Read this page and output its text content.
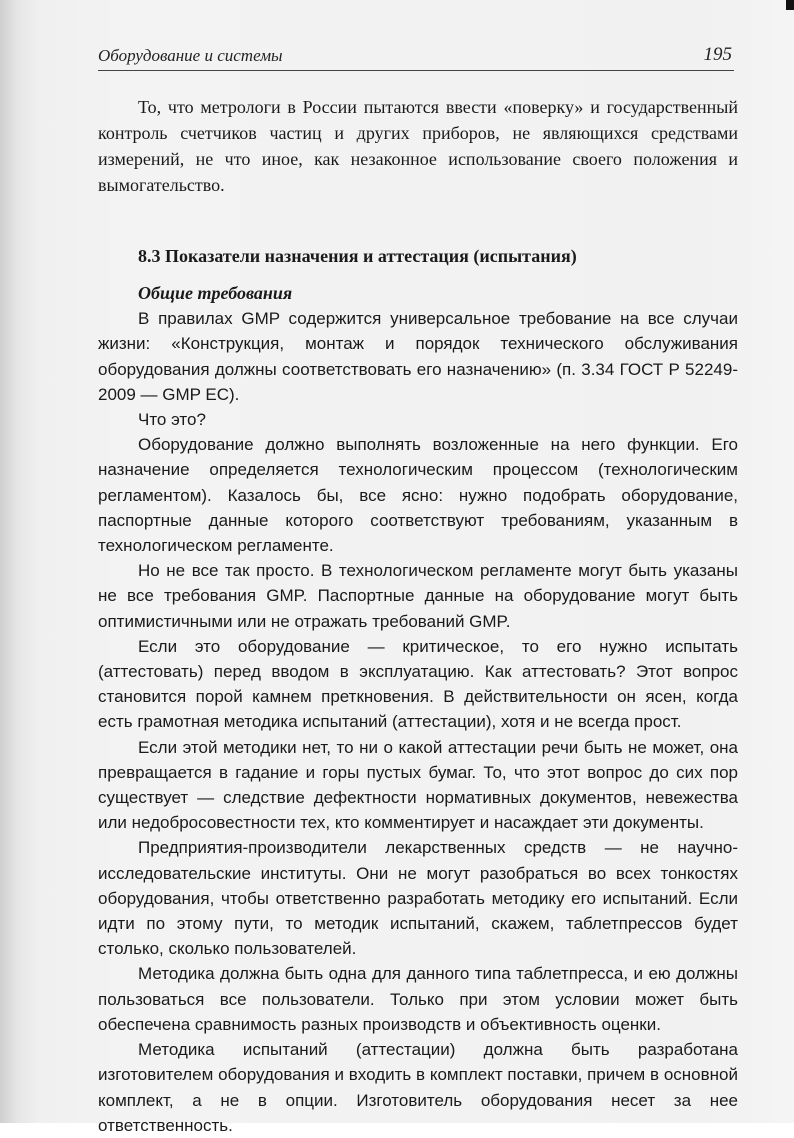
Оборудование и системы	195

То, что метрологи в России пытаются ввести «поверку» и государственный контроль счетчиков частиц и других приборов, не являющихся средствами измерений, не что иное, как незаконное использование своего положения и вымогательство.

8.3 Показатели назначения и аттестация (испытания)

Общие требования

В правилах GMP содержится универсальное требование на все случаи жизни: «Конструкция, монтаж и порядок технического обслуживания оборудования должны соответствовать его назначению» (п. 3.34 ГОСТ Р 52249-2009 — GMP ЕС).

Что это?

Оборудование должно выполнять возложенные на него функции. Его назначение определяется технологическим процессом (технологическим регламентом). Казалось бы, все ясно: нужно подобрать оборудование, паспортные данные которого соответствуют требованиям, указанным в технологическом регламенте.

Но не все так просто. В технологическом регламенте могут быть указаны не все требования GMP. Паспортные данные на оборудование могут быть оптимистичными или не отражать требований GMP.

Если это оборудование — критическое, то его нужно испытать (аттестовать) перед вводом в эксплуатацию. Как аттестовать? Этот вопрос становится порой камнем преткновения. В действительности он ясен, когда есть грамотная методика испытаний (аттестации), хотя и не всегда прост.

Если этой методики нет, то ни о какой аттестации речи быть не может, она превращается в гадание и горы пустых бумаг. То, что этот вопрос до сих пор существует — следствие дефектности нормативных документов, невежества или недобросовестности тех, кто комментирует и насаждает эти документы.

Предприятия-производители лекарственных средств — не научно-исследовательские институты. Они не могут разобраться во всех тонкостях оборудования, чтобы ответственно разработать методику его испытаний. Если идти по этому пути, то методик испытаний, скажем, таблетпрессов будет столько, сколько пользователей.

Методика должна быть одна для данного типа таблетпресса, и ею должны пользоваться все пользователи. Только при этом условии может быть обеспечена сравнимость разных производств и объективность оценки.

Методика испытаний (аттестации) должна быть разработана изготовителем оборудования и входить в комплект поставки, причем в основной комплект, а не в опции. Изготовитель оборудования несет за нее ответственность.
